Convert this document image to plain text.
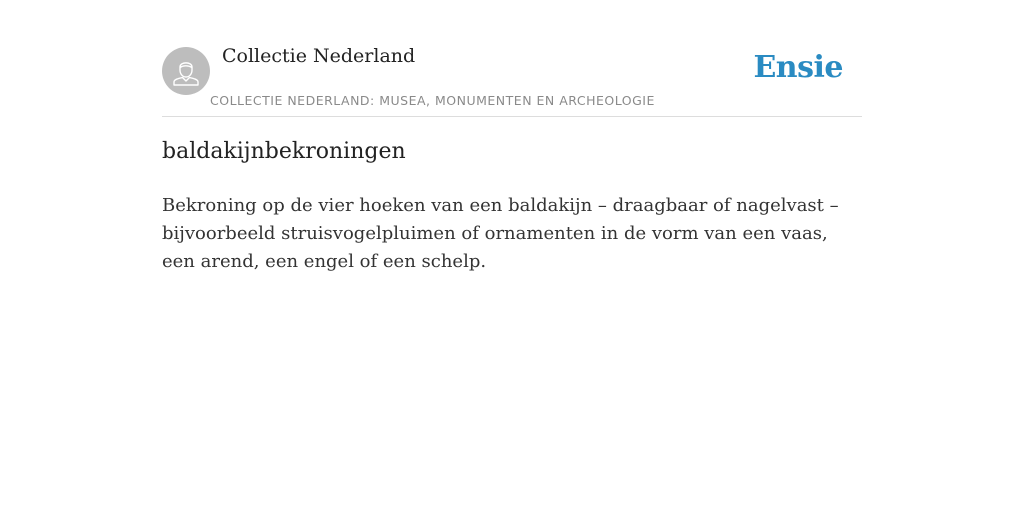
Collectie Nederland
COLLECTIE NEDERLAND: MUSEA, MONUMENTEN EN ARCHEOLOGIE
Ensie
baldakijnbekroningen

Bekroning op de vier hoeken van een baldakijn – draagbaar of nagelvast – bijvoorbeeld struisvogelpluimen of ornamenten in de vorm van een vaas, een arend, een engel of een schelp.
